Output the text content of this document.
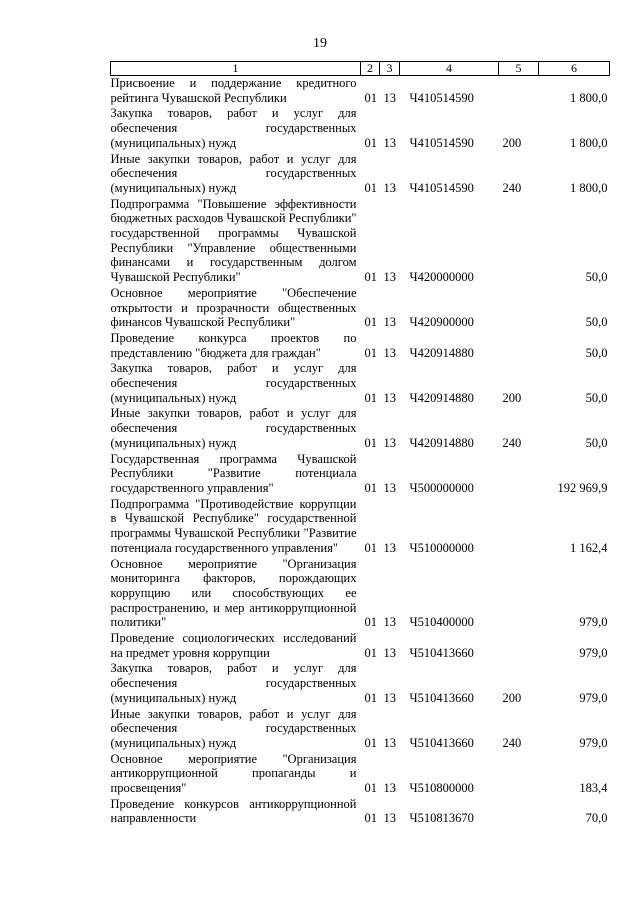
19
1	2	3	4	5	6
Присвоение и поддержание кредитного рейтинга Чувашской Республики	01	13	Ч410514590		1 800,0
Закупка товаров, работ и услуг для обеспечения государственных (муниципальных) нужд	01	13	Ч410514590	200	1 800,0
Иные закупки товаров, работ и услуг для обеспечения государственных (муниципальных) нужд	01	13	Ч410514590	240	1 800,0
Подпрограмма "Повышение эффективности бюджетных расходов Чувашской Республики" государственной программы Чувашской Республики "Управление общественными финансами и государственным долгом Чувашской Республики"	01	13	Ч420000000		50,0
Основное мероприятие "Обеспечение открытости и прозрачности общественных финансов Чувашской Республики"	01	13	Ч420900000		50,0
Проведение конкурса проектов по представлению "бюджета для граждан"	01	13	Ч420914880		50,0
Закупка товаров, работ и услуг для обеспечения государственных (муниципальных) нужд	01	13	Ч420914880	200	50,0
Иные закупки товаров, работ и услуг для обеспечения государственных (муниципальных) нужд	01	13	Ч420914880	240	50,0
Государственная программа Чувашской Республики "Развитие потенциала государственного управления"	01	13	Ч500000000		192 969,9
Подпрограмма "Противодействие коррупции в Чувашской Республике" государственной программы Чувашской Республики "Развитие потенциала государственного управления"	01	13	Ч510000000		1 162,4
Основное мероприятие "Организация мониторинга факторов, порождающих коррупцию или способствующих ее распространению, и мер антикоррупционной политики"	01	13	Ч510400000		979,0
Проведение социологических исследований на предмет уровня коррупции	01	13	Ч510413660		979,0
Закупка товаров, работ и услуг для обеспечения государственных (муниципальных) нужд	01	13	Ч510413660	200	979,0
Иные закупки товаров, работ и услуг для обеспечения государственных (муниципальных) нужд	01	13	Ч510413660	240	979,0
Основное мероприятие "Организация антикоррупционной пропаганды и просвещения"	01	13	Ч510800000		183,4
Проведение конкурсов антикоррупционной направленности	01	13	Ч510813670		70,0
